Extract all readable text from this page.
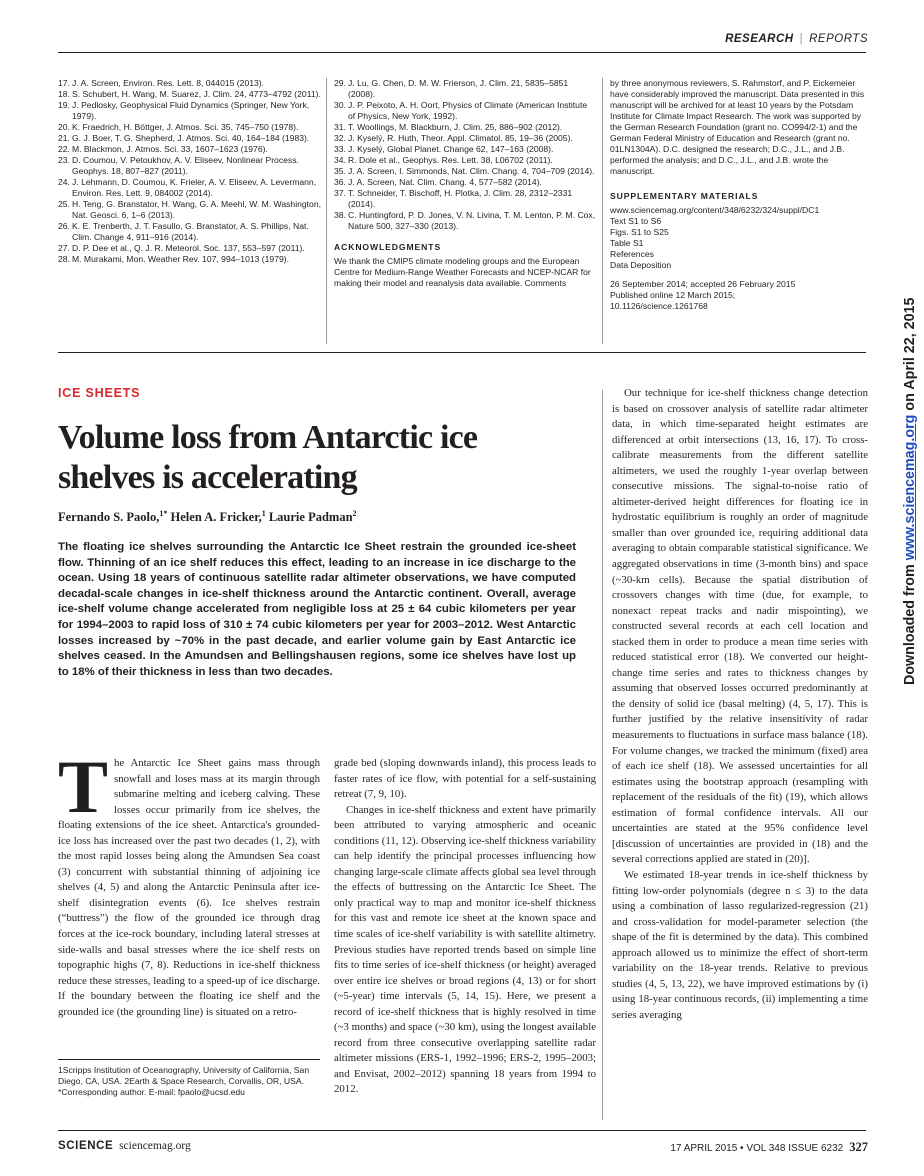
RESEARCH | REPORTS
17. J. A. Screen, Environ. Res. Lett. 8, 044015 (2013).
18. S. Schubert, H. Wang, M. Suarez, J. Clim. 24, 4773–4792 (2011).
19. J. Pedlosky, Geophysical Fluid Dynamics (Springer, New York, 1979).
20. K. Fraedrich, H. Böttger, J. Atmos. Sci. 35, 745–750 (1978).
21. G. J. Boer, T. G. Shepherd, J. Atmos. Sci. 40, 164–184 (1983).
22. M. Blackmon, J. Atmos. Sci. 33, 1607–1623 (1976).
23. D. Coumou, V. Petoukhov, A. V. Eliseev, Nonlinear Process. Geophys. 18, 807–827 (2011).
24. J. Lehmann, D. Coumou, K. Frieler, A. V. Eliseev, A. Levermann, Environ. Res. Lett. 9, 084002 (2014).
25. H. Teng, G. Branstator, H. Wang, G. A. Meehl, W. M. Washington, Nat. Geosci. 6, 1–6 (2013).
26. K. E. Trenberth, J. T. Fasullo, G. Branstator, A. S. Phillips, Nat. Clim. Change 4, 911–916 (2014).
27. D. P. Dee et al., Q. J. R. Meteorol. Soc. 137, 553–597 (2011).
28. M. Murakami, Mon. Weather Rev. 107, 994–1013 (1979).
29. J. Lu, G. Chen, D. M. W. Frierson, J. Clim. 21, 5835–5851 (2008).
30. J. P. Peixoto, A. H. Oort, Physics of Climate (American Institute of Physics, New York, 1992).
31. T. Woollings, M. Blackburn, J. Clim. 25, 886–902 (2012).
32. J. Kyselý, R. Huth, Theor. Appl. Climatol. 85, 19–36 (2005).
33. J. Kyselý, Global Planet. Change 62, 147–163 (2008).
34. R. Dole et al., Geophys. Res. Lett. 38, L06702 (2011).
35. J. A. Screen, I. Simmonds, Nat. Clim. Chang. 4, 704–709 (2014).
36. J. A. Screen, Nat. Clim. Chang. 4, 577–582 (2014).
37. T. Schneider, T. Bischoff, H. Plotka, J. Clim. 28, 2312–2331 (2014).
38. C. Huntingford, P. D. Jones, V. N. Livina, T. M. Lenton, P. M. Cox, Nature 500, 327–330 (2013).
ACKNOWLEDGMENTS
We thank the CMIP5 climate modeling groups and the European Centre for Medium-Range Weather Forecasts and NCEP-NCAR for making their model and reanalysis data available. Comments
by three anonymous reviewers, S. Rahmstorf, and P. Eickemeier have considerably improved the manuscript. Data presented in this manuscript will be archived for at least 10 years by the Potsdam Institute for Climate Impact Research. The work was supported by the German Research Foundation (grant no. CO994/2-1) and the German Federal Ministry of Education and Research (grant no. 01LN1304A). D.C. designed the research; D.C., J.L., and J.B. performed the analysis; and D.C., J.L., and J.B. wrote the manuscript.
SUPPLEMENTARY MATERIALS
www.sciencemag.org/content/348/6232/324/suppl/DC1
Text S1 to S6
Figs. S1 to S25
Table S1
References
Data Deposition
26 September 2014; accepted 26 February 2015
Published online 12 March 2015;
10.1126/science.1261768
ICE SHEETS
Volume loss from Antarctic ice shelves is accelerating
Fernando S. Paolo,$^{1*}$ Helen A. Fricker,$^1$ Laurie Padman$^2$
The floating ice shelves surrounding the Antarctic Ice Sheet restrain the grounded ice-sheet flow. Thinning of an ice shelf reduces this effect, leading to an increase in ice discharge to the ocean. Using 18 years of continuous satellite radar altimeter observations, we have computed decadal-scale changes in ice-shelf thickness around the Antarctic continent. Overall, average ice-shelf volume change accelerated from negligible loss at 25 ± 64 cubic kilometers per year for 1994–2003 to rapid loss of 310 ± 74 cubic kilometers per year for 2003–2012. West Antarctic losses increased by ~70% in the past decade, and earlier volume gain by East Antarctic ice shelves ceased. In the Amundsen and Bellingshausen regions, some ice shelves have lost up to 18% of their thickness in less than two decades.

The Antarctic Ice Sheet gains mass through snowfall and loses mass at its margin through submarine melting and iceberg calving. These losses occur primarily from ice shelves, the floating extensions of the ice sheet. Antarctica's grounded-ice loss has increased over the past two decades (1, 2), with the most rapid losses being along the Amundsen Sea coast (3) concurrent with substantial thinning of adjoining ice shelves (4, 5) and along the Antarctic Peninsula after ice-shelf disintegration events (6). Ice shelves restrain (“buttress”) the flow of the grounded ice through drag forces at the ice-rock boundary, including lateral stresses at side-walls and basal stresses where the ice shelf rests on topographic highs (7, 8). Reductions in ice-shelf thickness reduce these stresses, leading to a speed-up of ice discharge. If the boundary between the floating ice shelf and the grounded ice (the grounding line) is situated on a retro-

grade bed (sloping downwards inland), this process leads to faster rates of ice flow, with potential for a self-sustaining retreat (7, 9, 10).

Changes in ice-shelf thickness and extent have primarily been attributed to varying atmospheric and oceanic conditions (11, 12). Observing ice-shelf thickness variability can help identify the principal processes influencing how changing large-scale climate affects global sea level through the effects of buttressing on the Antarctic Ice Sheet. The only practical way to map and monitor ice-shelf thickness for this vast and remote ice sheet at the known space and time scales of ice-shelf variability is with satellite altimetry. Previous studies have reported trends based on simple line fits to time series of ice-shelf thickness (or height) averaged over entire ice shelves or broad regions (4, 13) or for short (~5-year) time intervals (5, 14, 15). Here, we present a record of ice-shelf thickness that is highly resolved in time (~3 months) and space (~30 km), using the longest available record from three consecutive overlapping satellite radar altimeter missions (ERS-1, 1992–1996; ERS-2, 1995–2003; and Envisat, 2002–2012) spanning 18 years from 1994 to 2012.

Our technique for ice-shelf thickness change detection is based on crossover analysis of satellite radar altimeter data, in which time-separated height estimates are differenced at orbit intersections (13, 16, 17). To cross-calibrate measurements from the different satellite altimeters, we used the roughly 1-year overlap between consecutive missions. The signal-to-noise ratio of altimeter-derived height differences for floating ice in hydrostatic equilibrium is roughly an order of magnitude smaller than over grounded ice, requiring additional data averaging to obtain comparable statistical significance. We aggregated observations in time (3-month bins) and space (~30-km cells). Because the spatial distribution of crossovers changes with time (due, for example, to nonexact repeat tracks and nadir mispointing), we constructed several records at each cell location and stacked them in order to produce a mean time series with reduced statistical error (18). We converted our height-change time series and rates to thickness changes by assuming that observed losses occurred predominantly at the density of solid ice (basal melting) (4, 5, 17). This is further justified by the relative insensitivity of radar measurements to fluctuations in surface mass balance (18). For volume changes, we tracked the minimum (fixed) area of each ice shelf (18). We assessed uncertainties for all estimates using the bootstrap approach (resampling with replacement of the residuals of the fit) (19), which allows estimation of formal confidence intervals. All our uncertainties are stated at the 95% confidence level [discussion of uncertainties are provided in (18) and the several corrections applied are stated in (20)].

We estimated 18-year trends in ice-shelf thickness by fitting low-order polynomials (degree n ≤ 3) to the data using a combination of lasso regularized-regression (21) and cross-validation for model-parameter selection (the shape of the fit is determined by the data). This combined approach allowed us to minimize the effect of short-term variability on the 18-year trends. Relative to previous studies (4, 5, 13, 22), we have improved estimations by (i) using 18-year continuous records, (ii) implementing a time series averaging

1Scripps Institution of Oceanography, University of California, San Diego, CA, USA. 2Earth & Space Research, Corvallis, OR, USA.
*Corresponding author. E-mail: fpaolo@ucsd.edu
SCIENCE sciencemag.org	17 APRIL 2015 • VOL 348 ISSUE 6232 327
Downloaded from www.sciencemag.org on April 22, 2015
